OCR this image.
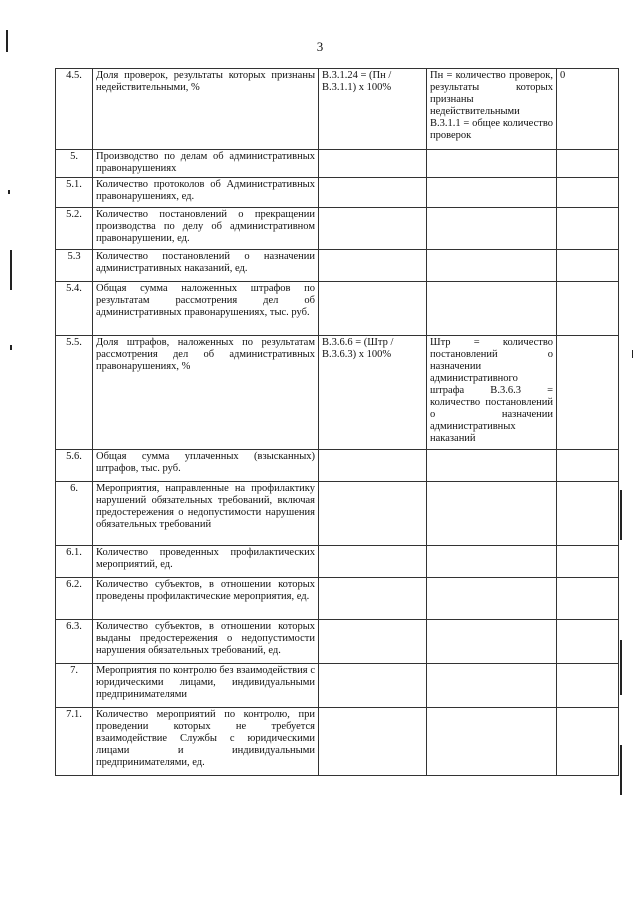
3
4.5.	Доля проверок, результаты которых признаны недействительными, %	В.3.1.24 = (Пн / В.3.1.1) х 100%	Пн = количество проверок, результаты которых признаны недействительными В.3.1.1 = общее количество проверок	0
5.	Производство по делам об административных правонарушениях			
5.1.	Количество протоколов об Административных правонарушениях, ед.			
5.2.	Количество постановлений о прекращении производства по делу об административном правонарушении, ед.			
5.3	Количество постановлений о назначении административных наказаний, ед.			
5.4.	Общая сумма наложенных штрафов по результатам рассмотрения дел об административных правонарушениях, тыс. руб.			
5.5.	Доля штрафов, наложенных по результатам рассмотрения дел об административных правонарушениях, %	В.3.6.6 = (Штр / В.3.6.3) х 100%	Штр = количество постановлений о назначении административного штрафа В.3.6.3 = количество постановлений о назначении административных наказаний	
5.6.	Общая сумма уплаченных (взысканных) штрафов, тыс. руб.			
6.	Мероприятия, направленные на профилактику нарушений обязательных требований, включая предостережения о недопустимости нарушения обязательных требований			
6.1.	Количество проведенных профилактических мероприятий, ед.			
6.2.	Количество субъектов, в отношении которых проведены профилактические мероприятия, ед.			
6.3.	Количество субъектов, в отношении которых выданы предостережения о недопустимости нарушения обязательных требований, ед.			
7.	Мероприятия по контролю без взаимодействия с юридическими лицами, индивидуальными предпринимателями			
7.1.	Количество мероприятий по контролю, при проведении которых не требуется взаимодействие Службы с юридическими лицами и индивидуальными предпринимателями, ед.			
